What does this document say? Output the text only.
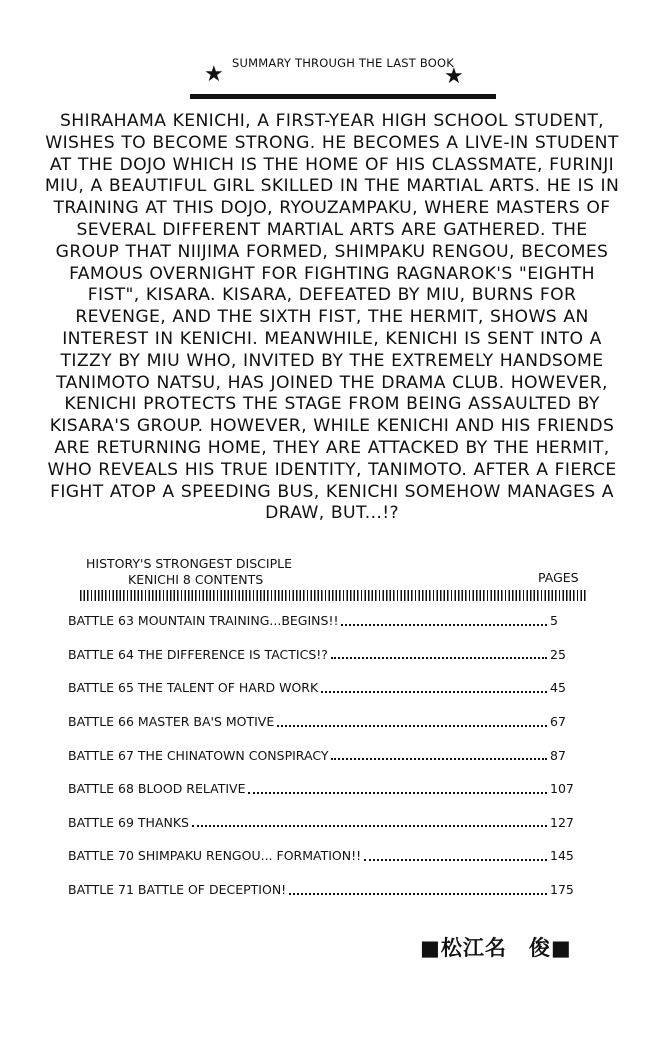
★ SUMMARY THROUGH THE LAST BOOK
★

SHIRAHAMA KENICHI, A FIRST-YEAR HIGH SCHOOL STUDENT, WISHES TO BECOME STRONG. HE BECOMES A LIVE-IN STUDENT AT THE DOJO WHICH IS THE HOME OF HIS CLASSMATE, FURINJI MIU, A BEAUTIFUL GIRL SKILLED IN THE MARTIAL ARTS. HE IS IN TRAINING AT THIS DOJO, RYOUZAMPAKU, WHERE MASTERS OF SEVERAL DIFFERENT MARTIAL ARTS ARE GATHERED. THE GROUP THAT NIIJIMA FORMED, SHIMPAKU RENGOU, BECOMES FAMOUS OVERNIGHT FOR FIGHTING RAGNAROK'S "EIGHTH FIST", KISARA. KISARA, DEFEATED BY MIU, BURNS FOR REVENGE, AND THE SIXTH FIST, THE HERMIT, SHOWS AN INTEREST IN KENICHI. MEANWHILE, KENICHI IS SENT INTO A TIZZY BY MIU WHO, INVITED BY THE EXTREMELY HANDSOME TANIMOTO NATSU, HAS JOINED THE DRAMA CLUB. HOWEVER, KENICHI PROTECTS THE STAGE FROM BEING ASSAULTED BY KISARA'S GROUP. HOWEVER, WHILE KENICHI AND HIS FRIENDS ARE RETURNING HOME, THEY ARE ATTACKED BY THE HERMIT, WHO REVEALS HIS TRUE IDENTITY, TANIMOTO. AFTER A FIERCE FIGHT ATOP A SPEEDING BUS, KENICHI SOMEHOW MANAGES A DRAW, BUT...!?

HISTORY'S STRONGEST DISCIPLE
KENICHI 8 CONTENTS	PAGES
BATTLE 63 MOUNTAIN TRAINING...BEGINS!!	5
BATTLE 64 THE DIFFERENCE IS TACTICS!?	25
BATTLE 65 THE TALENT OF HARD WORK	45
BATTLE 66 MASTER BA'S MOTIVE	67
BATTLE 67 THE CHINATOWN CONSPIRACY	87
BATTLE 68 BLOOD RELATIVE	107
BATTLE 69 THANKS	127
BATTLE 70 SHIMPAKU RENGOU... FORMATION!!	145
BATTLE 71 BATTLE OF DECEPTION!	175
■松江名　俊■
